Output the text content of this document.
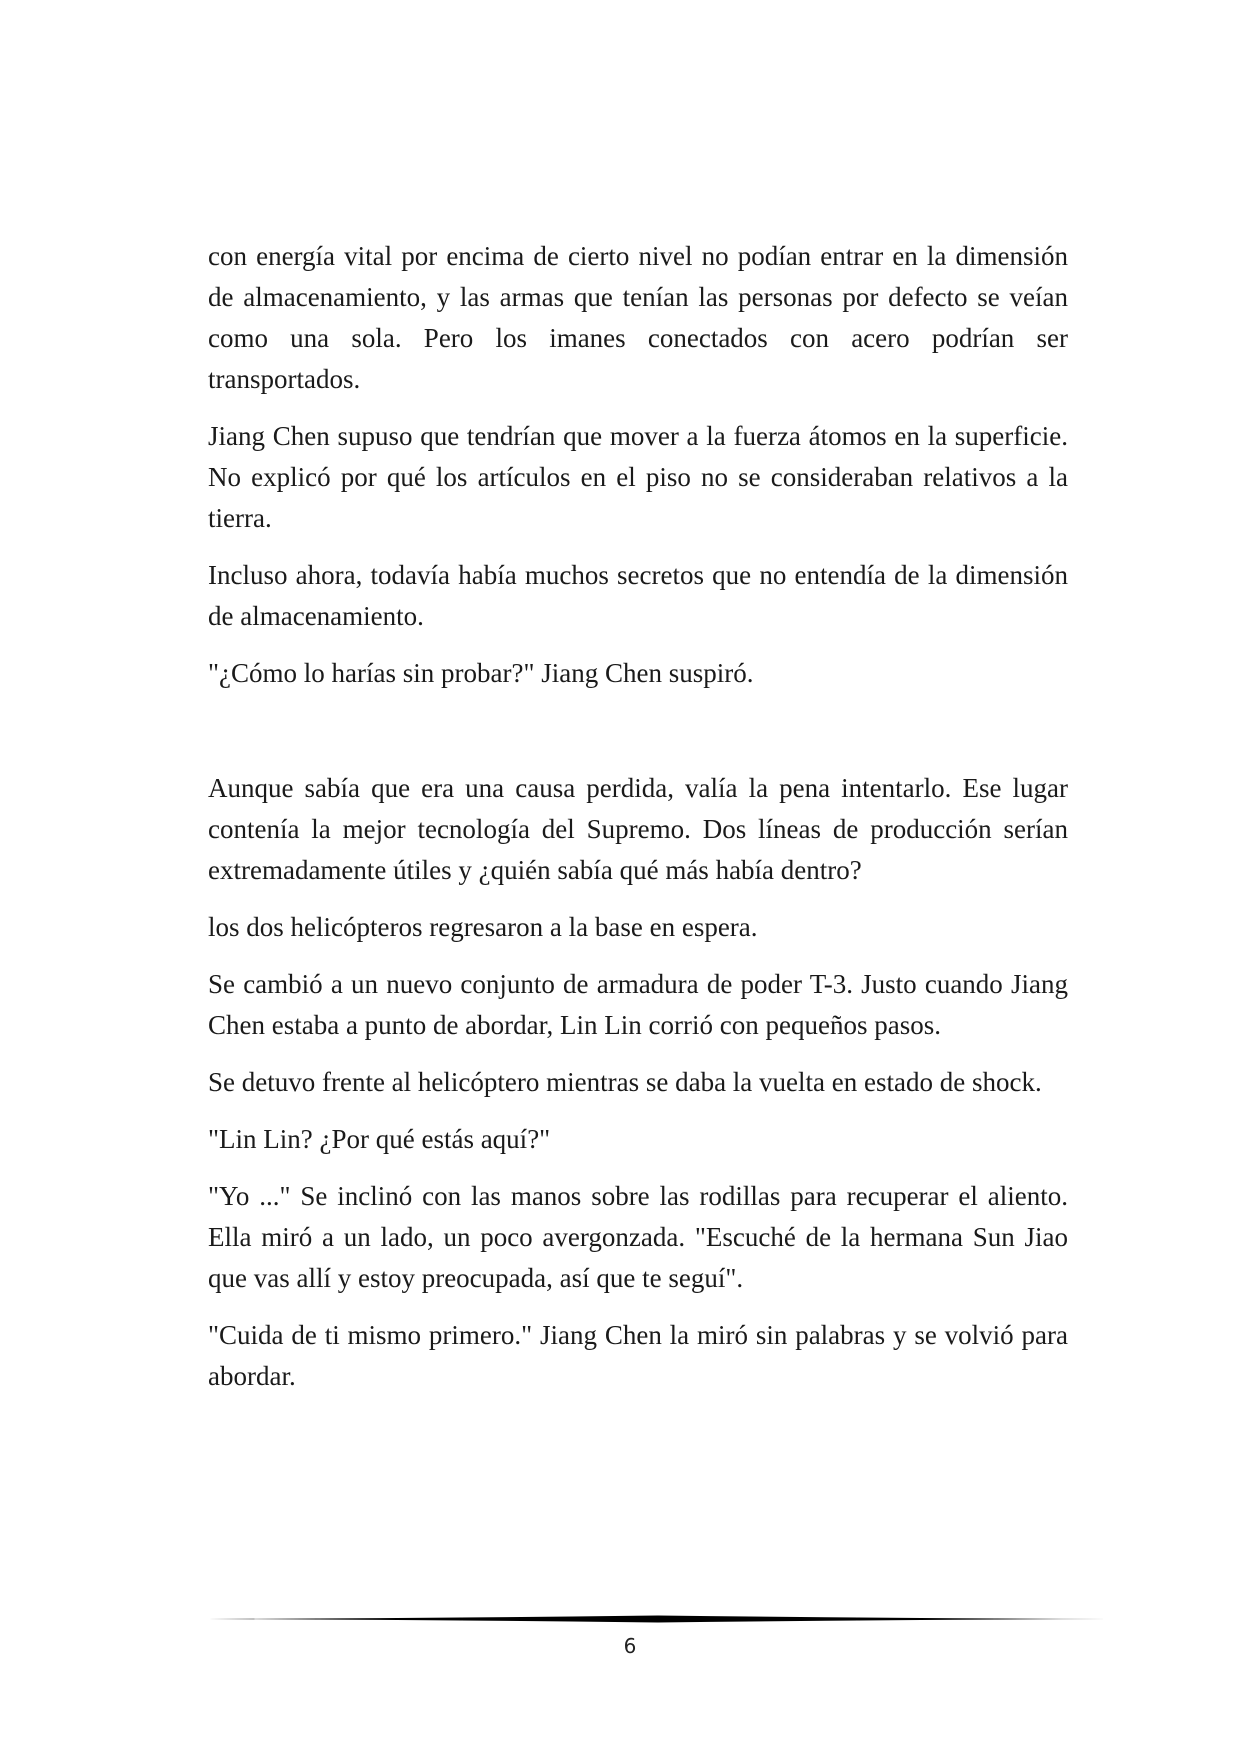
con energía vital por encima de cierto nivel no podían entrar en la dimensión de almacenamiento, y las armas que tenían las personas por defecto se veían como una sola. Pero los imanes conectados con acero podrían ser transportados.

Jiang Chen supuso que tendrían que mover a la fuerza átomos en la superficie. No explicó por qué los artículos en el piso no se consideraban relativos a la tierra.

Incluso ahora, todavía había muchos secretos que no entendía de la dimensión de almacenamiento.

"¿Cómo lo harías sin probar?" Jiang Chen suspiró.

Aunque sabía que era una causa perdida, valía la pena intentarlo. Ese lugar contenía la mejor tecnología del Supremo. Dos líneas de producción serían extremadamente útiles y ¿quién sabía qué más había dentro?

los dos helicópteros regresaron a la base en espera.

Se cambió a un nuevo conjunto de armadura de poder T-3. Justo cuando Jiang Chen estaba a punto de abordar, Lin Lin corrió con pequeños pasos.

Se detuvo frente al helicóptero mientras se daba la vuelta en estado de shock.

"Lin Lin? ¿Por qué estás aquí?"

"Yo ..." Se inclinó con las manos sobre las rodillas para recuperar el aliento. Ella miró a un lado, un poco avergonzada. "Escuché de la hermana Sun Jiao que vas allí y estoy preocupada, así que te seguí".

"Cuida de ti mismo primero." Jiang Chen la miró sin palabras y se volvió para abordar.

6
